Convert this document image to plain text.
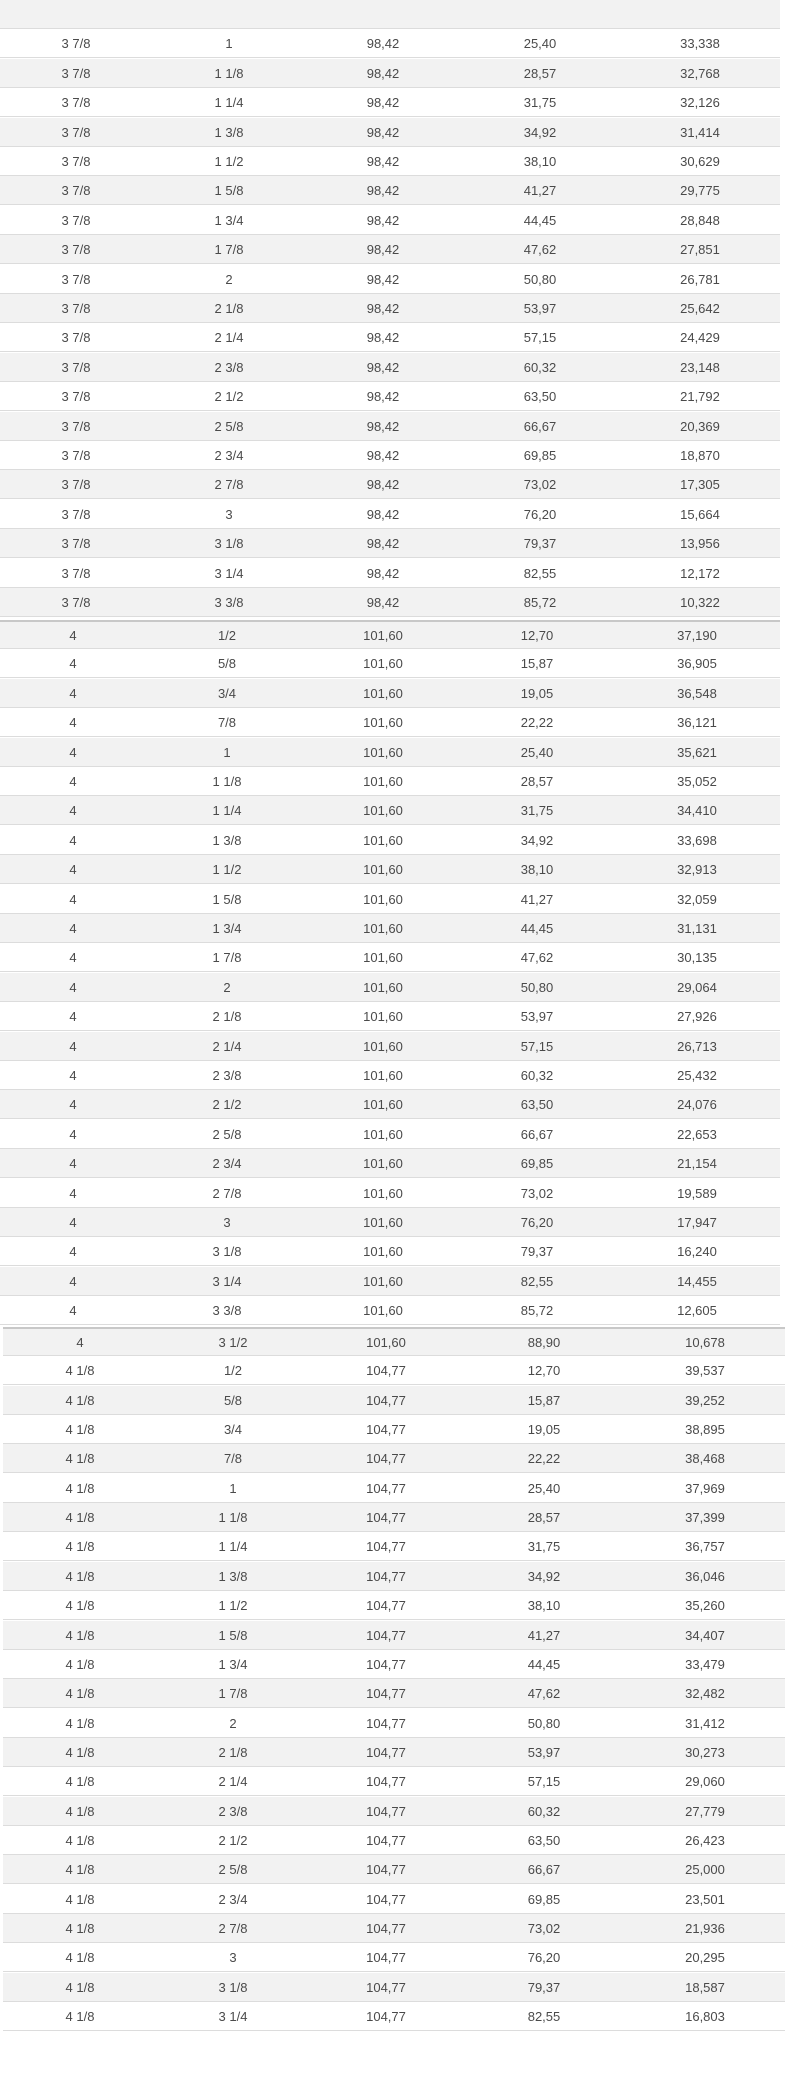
3 7/8	1	98,42	25,40	33,338
3 7/8	1 1/8	98,42	28,57	32,768
3 7/8	1 1/4	98,42	31,75	32,126
3 7/8	1 3/8	98,42	34,92	31,414
3 7/8	1 1/2	98,42	38,10	30,629
3 7/8	1 5/8	98,42	41,27	29,775
3 7/8	1 3/4	98,42	44,45	28,848
3 7/8	1 7/8	98,42	47,62	27,851
3 7/8	2	98,42	50,80	26,781
3 7/8	2 1/8	98,42	53,97	25,642
3 7/8	2 1/4	98,42	57,15	24,429
3 7/8	2 3/8	98,42	60,32	23,148
3 7/8	2 1/2	98,42	63,50	21,792
3 7/8	2 5/8	98,42	66,67	20,369
3 7/8	2 3/4	98,42	69,85	18,870
3 7/8	2 7/8	98,42	73,02	17,305
3 7/8	3	98,42	76,20	15,664
3 7/8	3 1/8	98,42	79,37	13,956
3 7/8	3 1/4	98,42	82,55	12,172
3 7/8	3 3/8	98,42	85,72	10,322
4	1/2	101,60	12,70	37,190
4	5/8	101,60	15,87	36,905
4	3/4	101,60	19,05	36,548
4	7/8	101,60	22,22	36,121
4	1	101,60	25,40	35,621
4	1 1/8	101,60	28,57	35,052
4	1 1/4	101,60	31,75	34,410
4	1 3/8	101,60	34,92	33,698
4	1 1/2	101,60	38,10	32,913
4	1 5/8	101,60	41,27	32,059
4	1 3/4	101,60	44,45	31,131
4	1 7/8	101,60	47,62	30,135
4	2	101,60	50,80	29,064
4	2 1/8	101,60	53,97	27,926
4	2 1/4	101,60	57,15	26,713
4	2 3/8	101,60	60,32	25,432
4	2 1/2	101,60	63,50	24,076
4	2 5/8	101,60	66,67	22,653
4	2 3/4	101,60	69,85	21,154
4	2 7/8	101,60	73,02	19,589
4	3	101,60	76,20	17,947
4	3 1/8	101,60	79,37	16,240
4	3 1/4	101,60	82,55	14,455
4	3 3/8	101,60	85,72	12,605
4	3 1/2	101,60	88,90	10,678
4 1/8	1/2	104,77	12,70	39,537
4 1/8	5/8	104,77	15,87	39,252
4 1/8	3/4	104,77	19,05	38,895
4 1/8	7/8	104,77	22,22	38,468
4 1/8	1	104,77	25,40	37,969
4 1/8	1 1/8	104,77	28,57	37,399
4 1/8	1 1/4	104,77	31,75	36,757
4 1/8	1 3/8	104,77	34,92	36,046
4 1/8	1 1/2	104,77	38,10	35,260
4 1/8	1 5/8	104,77	41,27	34,407
4 1/8	1 3/4	104,77	44,45	33,479
4 1/8	1 7/8	104,77	47,62	32,482
4 1/8	2	104,77	50,80	31,412
4 1/8	2 1/8	104,77	53,97	30,273
4 1/8	2 1/4	104,77	57,15	29,060
4 1/8	2 3/8	104,77	60,32	27,779
4 1/8	2 1/2	104,77	63,50	26,423
4 1/8	2 5/8	104,77	66,67	25,000
4 1/8	2 3/4	104,77	69,85	23,501
4 1/8	2 7/8	104,77	73,02	21,936
4 1/8	3	104,77	76,20	20,295
4 1/8	3 1/8	104,77	79,37	18,587
4 1/8	3 1/4	104,77	82,55	16,803
